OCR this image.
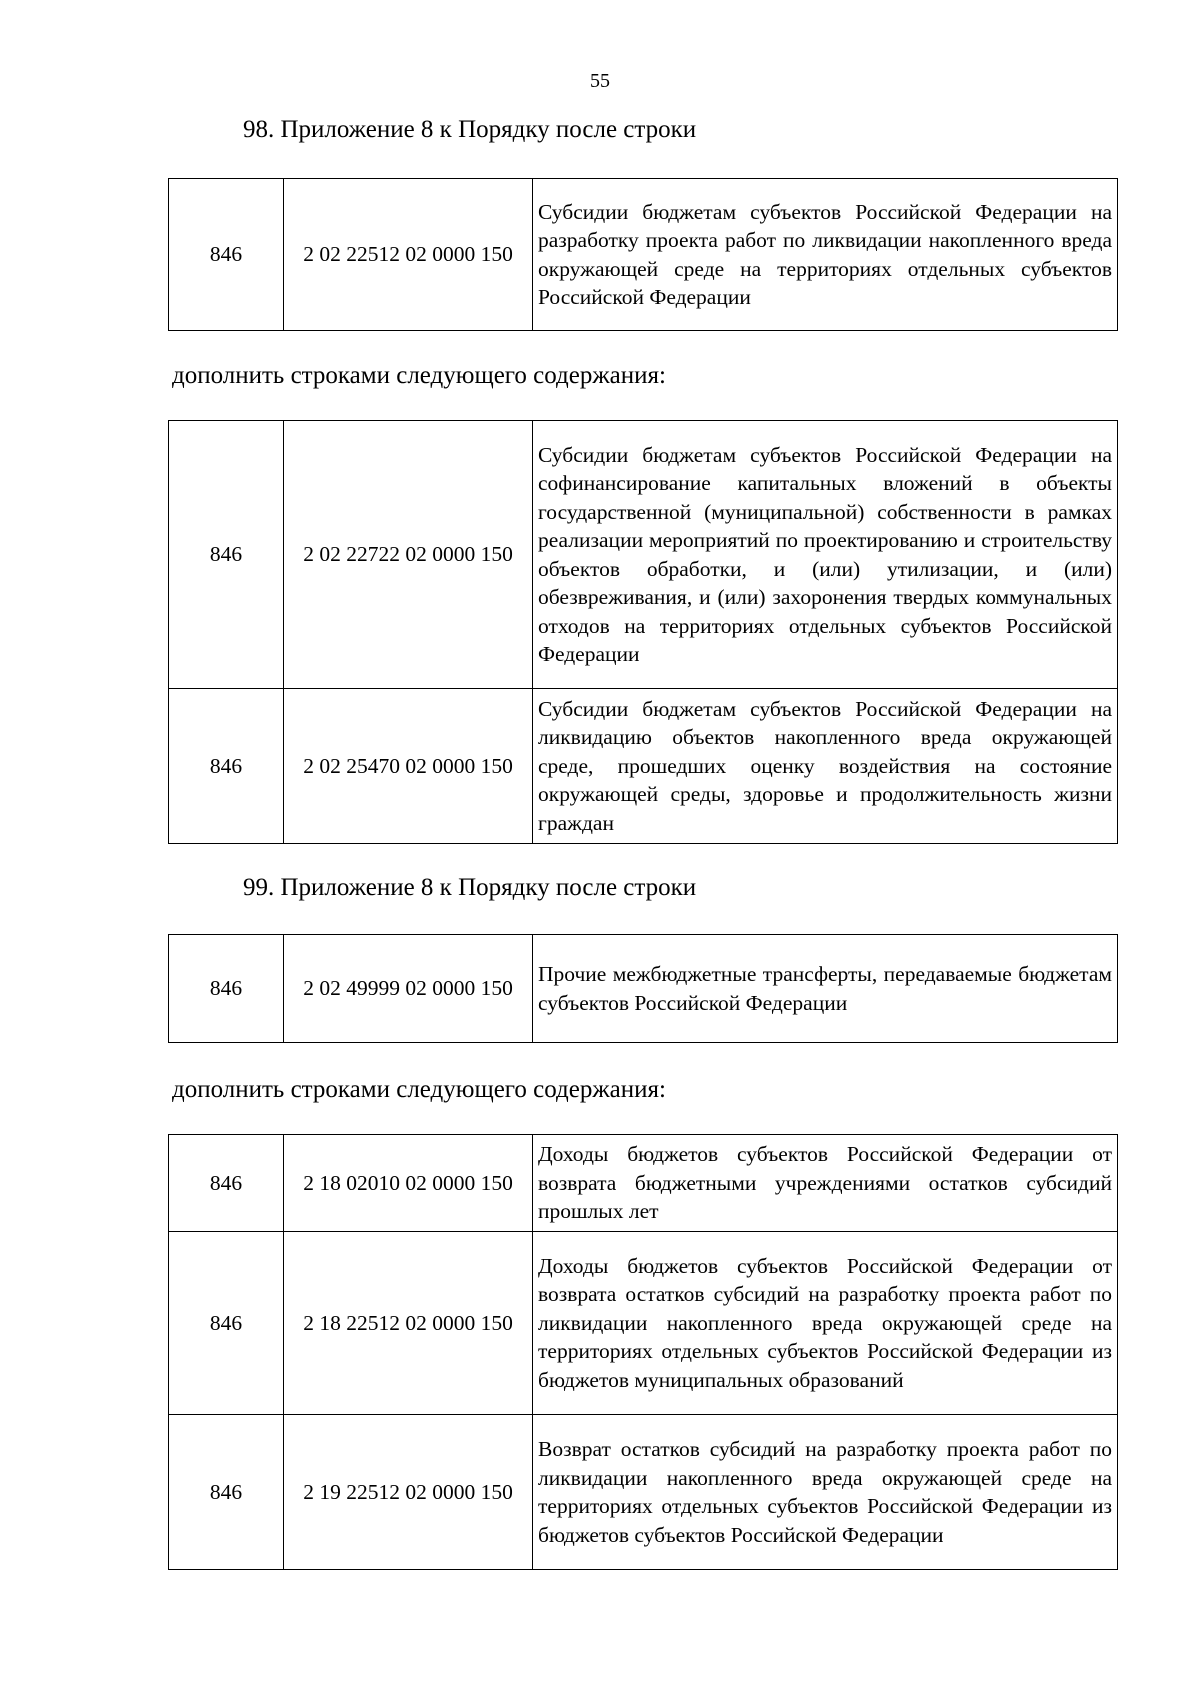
55
98. Приложение 8 к Порядку после строки
846	2 02 22512 02 0000 150	Субсидии бюджетам субъектов Российской Федерации на разработку проекта работ по ликвидации накопленного вреда окружающей среде на территориях отдельных субъектов Российской Федерации
дополнить строками следующего содержания:
846	2 02 22722 02 0000 150	Субсидии бюджетам субъектов Российской Федерации на софинансирование капитальных вложений в объекты государственной (муниципальной) собственности в рамках реализации мероприятий по проектированию и строительству объектов обработки, и (или) утилизации, и (или) обезвреживания, и (или) захоронения твердых коммунальных отходов на территориях отдельных субъектов Российской Федерации
846	2 02 25470 02 0000 150	Субсидии бюджетам субъектов Российской Федерации на ликвидацию объектов накопленного вреда окружающей среде, прошедших оценку воздействия на состояние окружающей среды, здоровье и продолжительность жизни граждан
99. Приложение 8 к Порядку после строки
846	2 02 49999 02 0000 150	Прочие межбюджетные трансферты, передаваемые бюджетам субъектов Российской Федерации
дополнить строками следующего содержания:
846	2 18 02010 02 0000 150	Доходы бюджетов субъектов Российской Федерации от возврата бюджетными учреждениями остатков субсидий прошлых лет
846	2 18 22512 02 0000 150	Доходы бюджетов субъектов Российской Федерации от возврата остатков субсидий на разработку проекта работ по ликвидации накопленного вреда окружающей среде на территориях отдельных субъектов Российской Федерации из бюджетов муниципальных образований
846	2 19 22512 02 0000 150	Возврат остатков субсидий на разработку проекта работ по ликвидации накопленного вреда окружающей среде на территориях отдельных субъектов Российской Федерации из бюджетов субъектов Российской Федерации
